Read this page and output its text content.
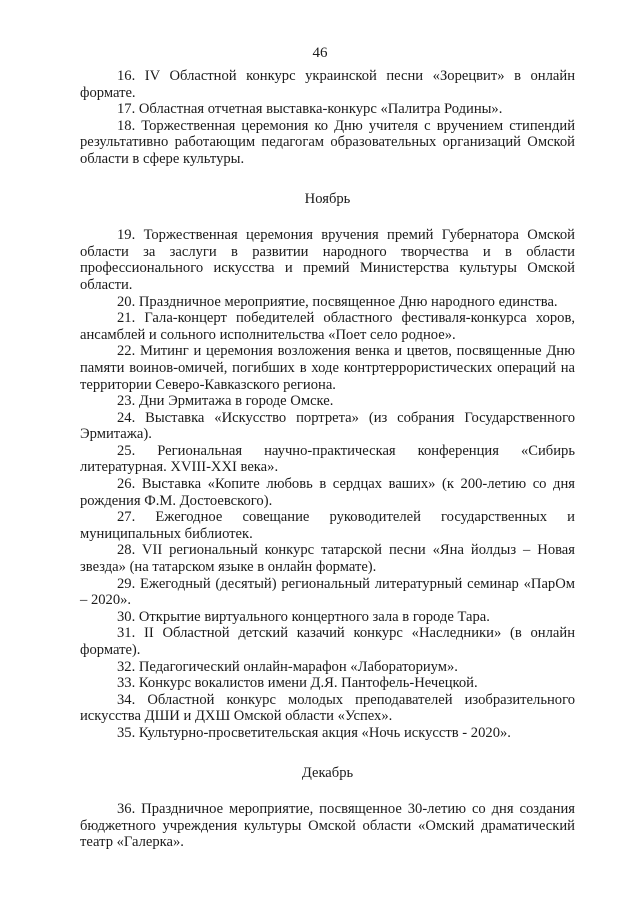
46

16. IV Областной конкурс украинской песни «Зорецвит» в онлайн формате.

17. Областная отчетная выставка-конкурс «Палитра Родины».

18. Торжественная церемония ко Дню учителя с вручением стипендий результативно работающим педагогам образовательных организаций Омской области в сфере культуры.

Ноябрь

19. Торжественная церемония вручения премий Губернатора Омской области за заслуги в развитии народного творчества и в области профессионального искусства и премий Министерства культуры Омской области.

20. Праздничное мероприятие, посвященное Дню народного единства.

21. Гала-концерт победителей областного фестиваля-конкурса хоров, ансамблей и сольного исполнительства «Поет село родное».

22. Митинг и церемония возложения венка и цветов, посвященные Дню памяти воинов-омичей, погибших в ходе контртеррористических операций на территории Северо-Кавказского региона.

23. Дни Эрмитажа в городе Омске.

24. Выставка «Искусство портрета» (из собрания Государственного Эрмитажа).

25. Региональная научно-практическая конференция «Сибирь литературная. XVIII-XXI века».

26. Выставка «Копите любовь в сердцах ваших» (к 200-летию со дня рождения Ф.М. Достоевского).

27. Ежегодное совещание руководителей государственных и муниципальных библиотек.

28. VII региональный конкурс татарской песни «Яна йолдыз – Новая звезда» (на татарском языке в онлайн формате).

29. Ежегодный (десятый) региональный литературный семинар «ПарОм – 2020».

30. Открытие виртуального концертного зала в городе Тара.

31. II Областной детский казачий конкурс «Наследники» (в онлайн формате).

32. Педагогический онлайн-марафон «Лабораториум».

33. Конкурс вокалистов имени Д.Я. Пантофель-Нечецкой.

34. Областной конкурс молодых преподавателей изобразительного искусства ДШИ и ДХШ Омской области «Успех».

35. Культурно-просветительская акция «Ночь искусств - 2020».

Декабрь

36. Праздничное мероприятие, посвященное 30-летию со дня создания бюджетного учреждения культуры Омской области «Омский драматический театр «Галерка».
